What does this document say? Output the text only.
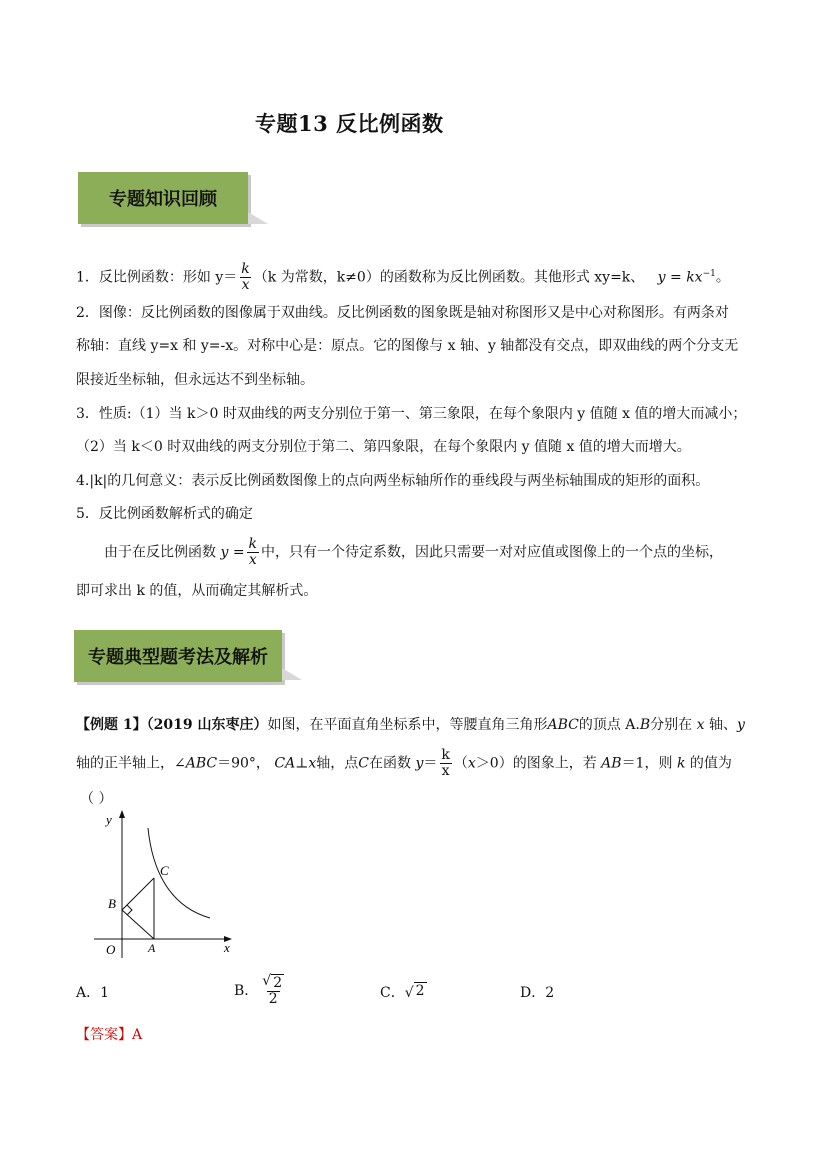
专题13 反比例函数
专题知识回顾
1．反比例函数：形如 $y= \frac{k}{x} (k$ 为常数，k≠0）的函数称为反比例函数。其他形式 xy=k、 $y = kx^{-1}$。
2．图像：反比例函数的图像属于双曲线。反比例函数的图象既是轴对称图形又是中心对称图形。有两条对
称轴：直线 y=x 和 y=-x。对称中心是：原点。它的图像与 x 轴、y 轴都没有交点，即双曲线的两个分支无
限接近坐标轴，但永远达不到坐标轴。
3．性质:（1）当 k＞0 时双曲线的两支分别位于第一、第三象限，在每个象限内 y 值随 x 值的增大而减小；
（2）当 k＜0 时双曲线的两支分别位于第二、第四象限，在每个象限内 y 值随 x 值的增大而增大。
4.|k|的几何意义：表示反比例函数图像上的点向两坐标轴所作的垂线段与两坐标轴围成的矩形的面积。
5．反比例函数解析式的确定
由于在反比例函数 $y = \frac{k}{x}$ 中，只有一个待定系数，因此只需要一对对应值或图像上的一个点的坐标，
即可求出 k 的值，从而确定其解析式。
专题典型题考法及解析
【例题 1】（2019 山东枣庄）如图，在平面直角坐标系中，等腰直角三角形ABC的顶点 A.B分别在 x 轴、y
轴的正半轴上，∠ABC＝90°， CA⊥x轴，点C在函数 $y= \frac{k}{x} (x>0)$的图象上，若 AB＝1，则 k 的值为
（ ）
y
x
O	A
B
C
A．1	B． $\frac{√ 2}{2}$	C． √ 2	D．2
【答案】A
